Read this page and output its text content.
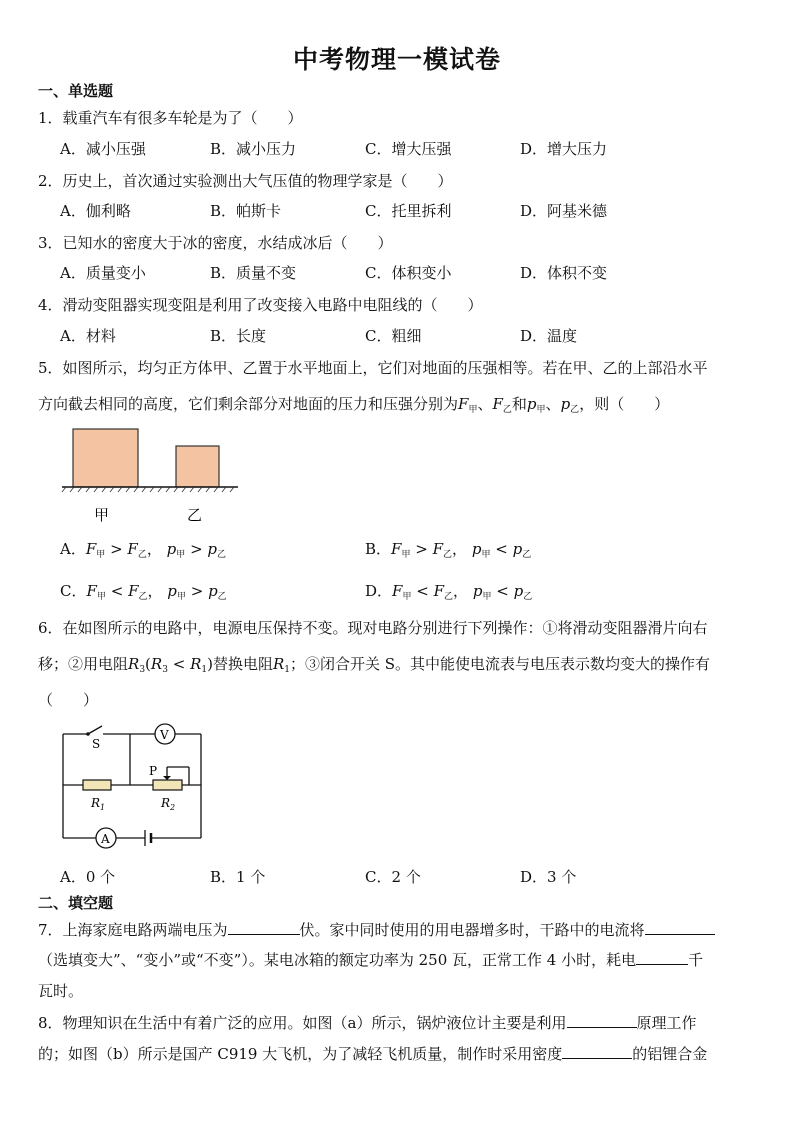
中考物理一模试卷
一、单选题
1．载重汽车有很多车轮是为了（　　）
A．减小压强	B．减小压力	C．增大压强	D．增大压力
2．历史上，首次通过实验测出大气压值的物理学家是（　　）
A．伽利略	B．帕斯卡	C．托里拆利	D．阿基米德
3．已知水的密度大于冰的密度，水结成冰后（　　）
A．质量变小	B．质量不变	C．体积变小	D．体积不变
4．滑动变阻器实现变阻是利用了改变接入电路中电阻线的（　　）
A．材料	B．长度	C．粗细	D．温度
5．如图所示，均匀正方体甲、乙置于水平地面上，它们对地面的压强相等。若在甲、乙的上部沿水平
方向截去相同的高度，它们剩余部分对地面的压力和压强分别为$F_甲$、$F_乙$和$p_甲$、$p_乙$，则（　　）
甲	乙
A．$F_甲 > F_乙$， $p_甲 > p_乙$	B．$F_甲 > F_乙$， $p_甲 < p_乙$
C．$F_甲 < F_乙$， $p_甲 > p_乙$	D．$F_甲 < F_乙$， $p_甲 < p_乙$
6．在如图所示的电路中，电源电压保持不变。现对电路分别进行下列操作：①将滑动变阻器滑片向右
移；②用电阻$R_3(R_3 < R_1)$替换电阻$R_1$；③闭合开关 S。其中能使电流表与电压表示数均变大的操作有
（　　）
S
V
P
$R_1$	$R_2$
A
A．0 个	B．1 个	C．2 个	D．3 个
二、填空题
7．上海家庭电路两端电压为	伏。家中同时使用的用电器增多时，干路中的电流将
（选填变大”、“变小”或“不变”）。某电冰箱的额定功率为 250 瓦，正常工作 4 小时，耗电	千
瓦时。
8．物理知识在生活中有着广泛的应用。如图（a）所示，锅炉液位计主要是利用	原理工作
的；如图（b）所示是国产 C919 大飞机，为了减轻飞机质量，制作时采用密度	的铝锂合金
